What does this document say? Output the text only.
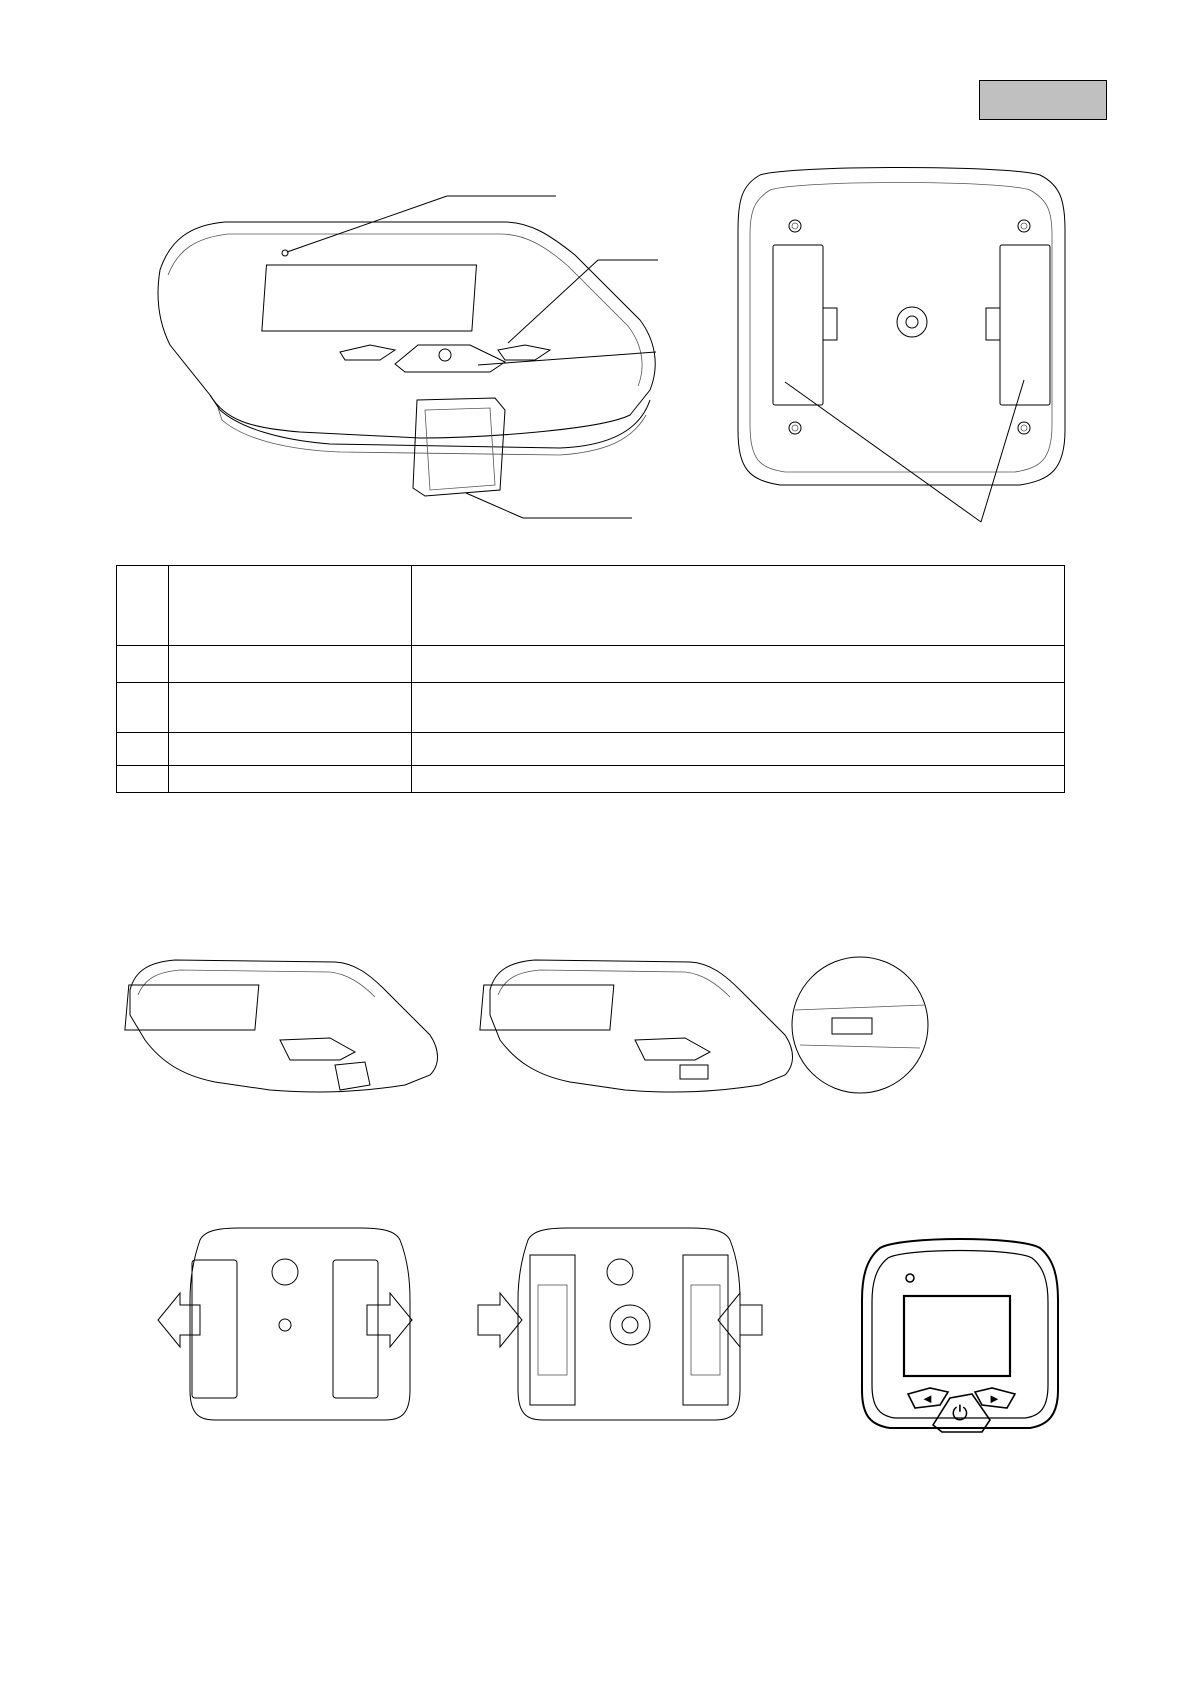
◄
⏻
►
